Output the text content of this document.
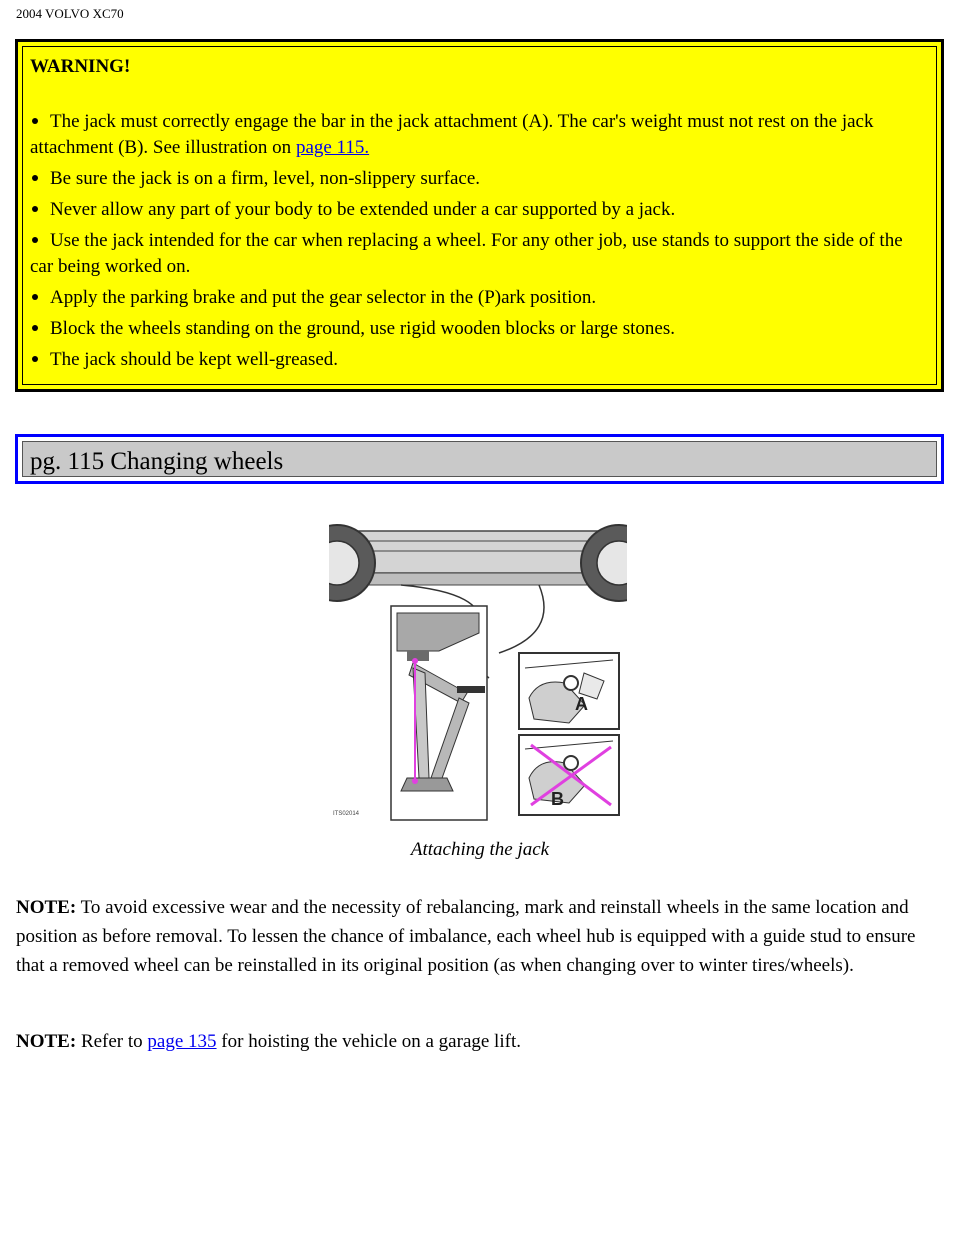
2004 VOLVO XC70
WARNING!
The jack must correctly engage the bar in the jack attachment (A). The car's weight must not rest on the jack attachment (B). See illustration on page 115.
Be sure the jack is on a firm, level, non-slippery surface.
Never allow any part of your body to be extended under a car supported by a jack.
Use the jack intended for the car when replacing a wheel. For any other job, use stands to support the side of the car being worked on.
Apply the parking brake and put the gear selector in the (P)ark position.
Block the wheels standing on the ground, use rigid wooden blocks or large stones.
The jack should be kept well-greased.
pg. 115 Changing wheels
A
B
ITS02014
Attaching the jack
NOTE: To avoid excessive wear and the necessity of rebalancing, mark and reinstall wheels in the same location and position as before removal. To lessen the chance of imbalance, each wheel hub is equipped with a guide stud to ensure that a removed wheel can be reinstalled in its original position (as when changing over to winter tires/wheels).
NOTE: Refer to page 135 for hoisting the vehicle on a garage lift.
